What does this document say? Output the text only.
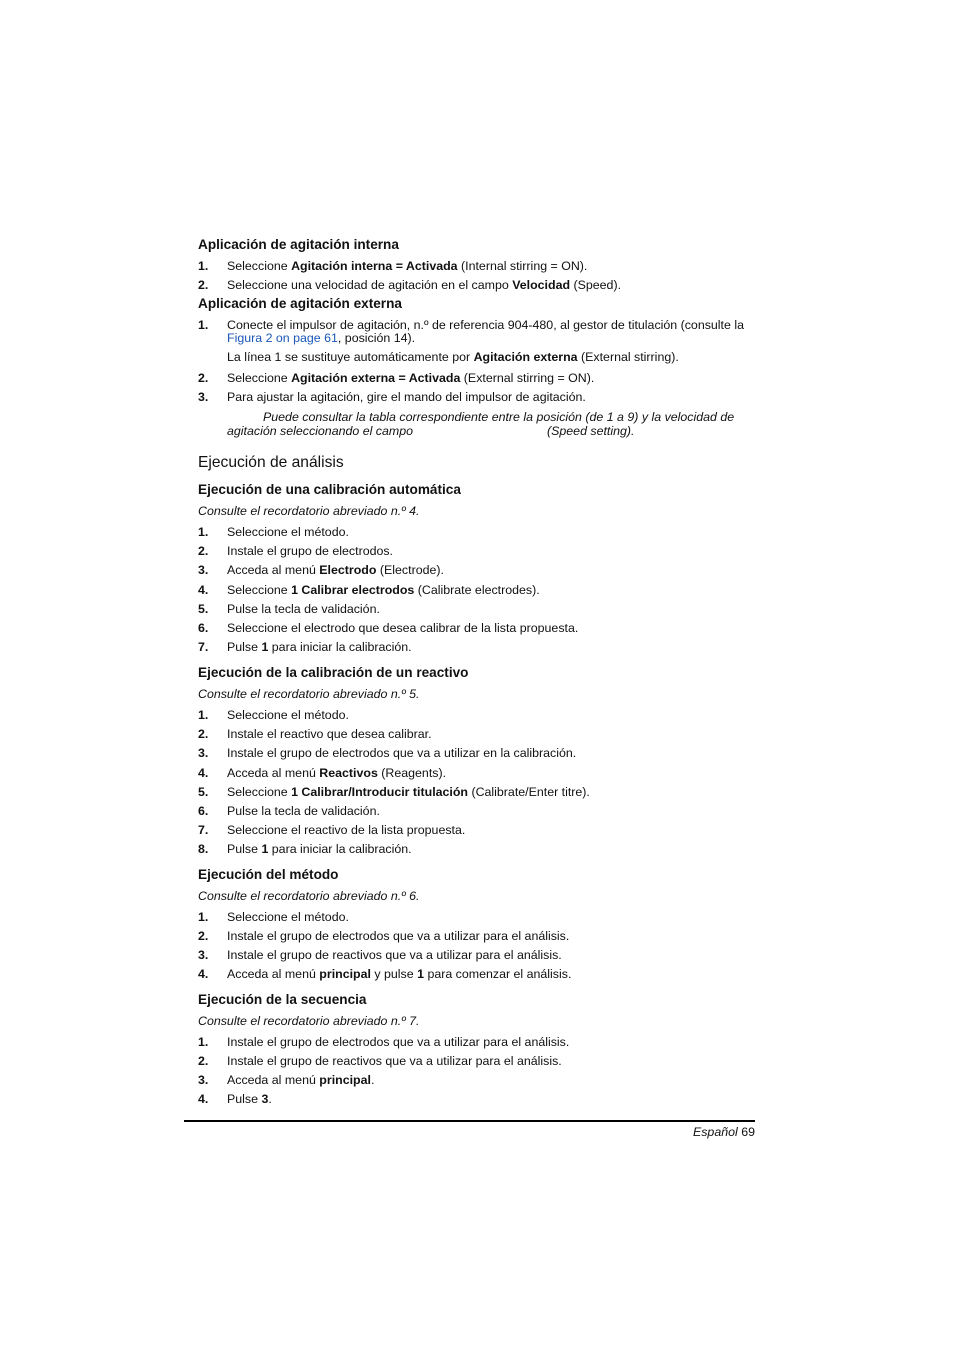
Aplicación de agitación interna
1. Seleccione Agitación interna = Activada (Internal stirring = ON).
2. Seleccione una velocidad de agitación en el campo Velocidad (Speed).
Aplicación de agitación externa
1. Conecte el impulsor de agitación, n.º de referencia 904-480, al gestor de titulación (consulte la
Figura 2 on page 61, posición 14).
La línea 1 se sustituye automáticamente por Agitación externa (External stirring).
2. Seleccione Agitación externa = Activada (External stirring = ON).
3. Para ajustar la agitación, gire el mando del impulsor de agitación.
Puede consultar la tabla correspondiente entre la posición (de 1 a 9) y la velocidad de
agitación seleccionando el campo	(Speed setting).
Ejecución de análisis
Ejecución de una calibración automática
Consulte el recordatorio abreviado n.º 4.
1. Seleccione el método.
2. Instale el grupo de electrodos.
3. Acceda al menú Electrodo (Electrode).
4. Seleccione 1 Calibrar electrodos (Calibrate electrodes).
5. Pulse la tecla de validación.
6. Seleccione el electrodo que desea calibrar de la lista propuesta.
7. Pulse 1 para iniciar la calibración.
Ejecución de la calibración de un reactivo
Consulte el recordatorio abreviado n.º 5.
1. Seleccione el método.
2. Instale el reactivo que desea calibrar.
3. Instale el grupo de electrodos que va a utilizar en la calibración.
4. Acceda al menú Reactivos (Reagents).
5. Seleccione 1 Calibrar/Introducir titulación (Calibrate/Enter titre).
6. Pulse la tecla de validación.
7. Seleccione el reactivo de la lista propuesta.
8. Pulse 1 para iniciar la calibración.
Ejecución del método
Consulte el recordatorio abreviado n.º 6.
1. Seleccione el método.
2. Instale el grupo de electrodos que va a utilizar para el análisis.
3. Instale el grupo de reactivos que va a utilizar para el análisis.
4. Acceda al menú principal y pulse 1 para comenzar el análisis.
Ejecución de la secuencia
Consulte el recordatorio abreviado n.º 7.
1. Instale el grupo de electrodos que va a utilizar para el análisis.
2. Instale el grupo de reactivos que va a utilizar para el análisis.
3. Acceda al menú principal.
4. Pulse 3.
Español 69
